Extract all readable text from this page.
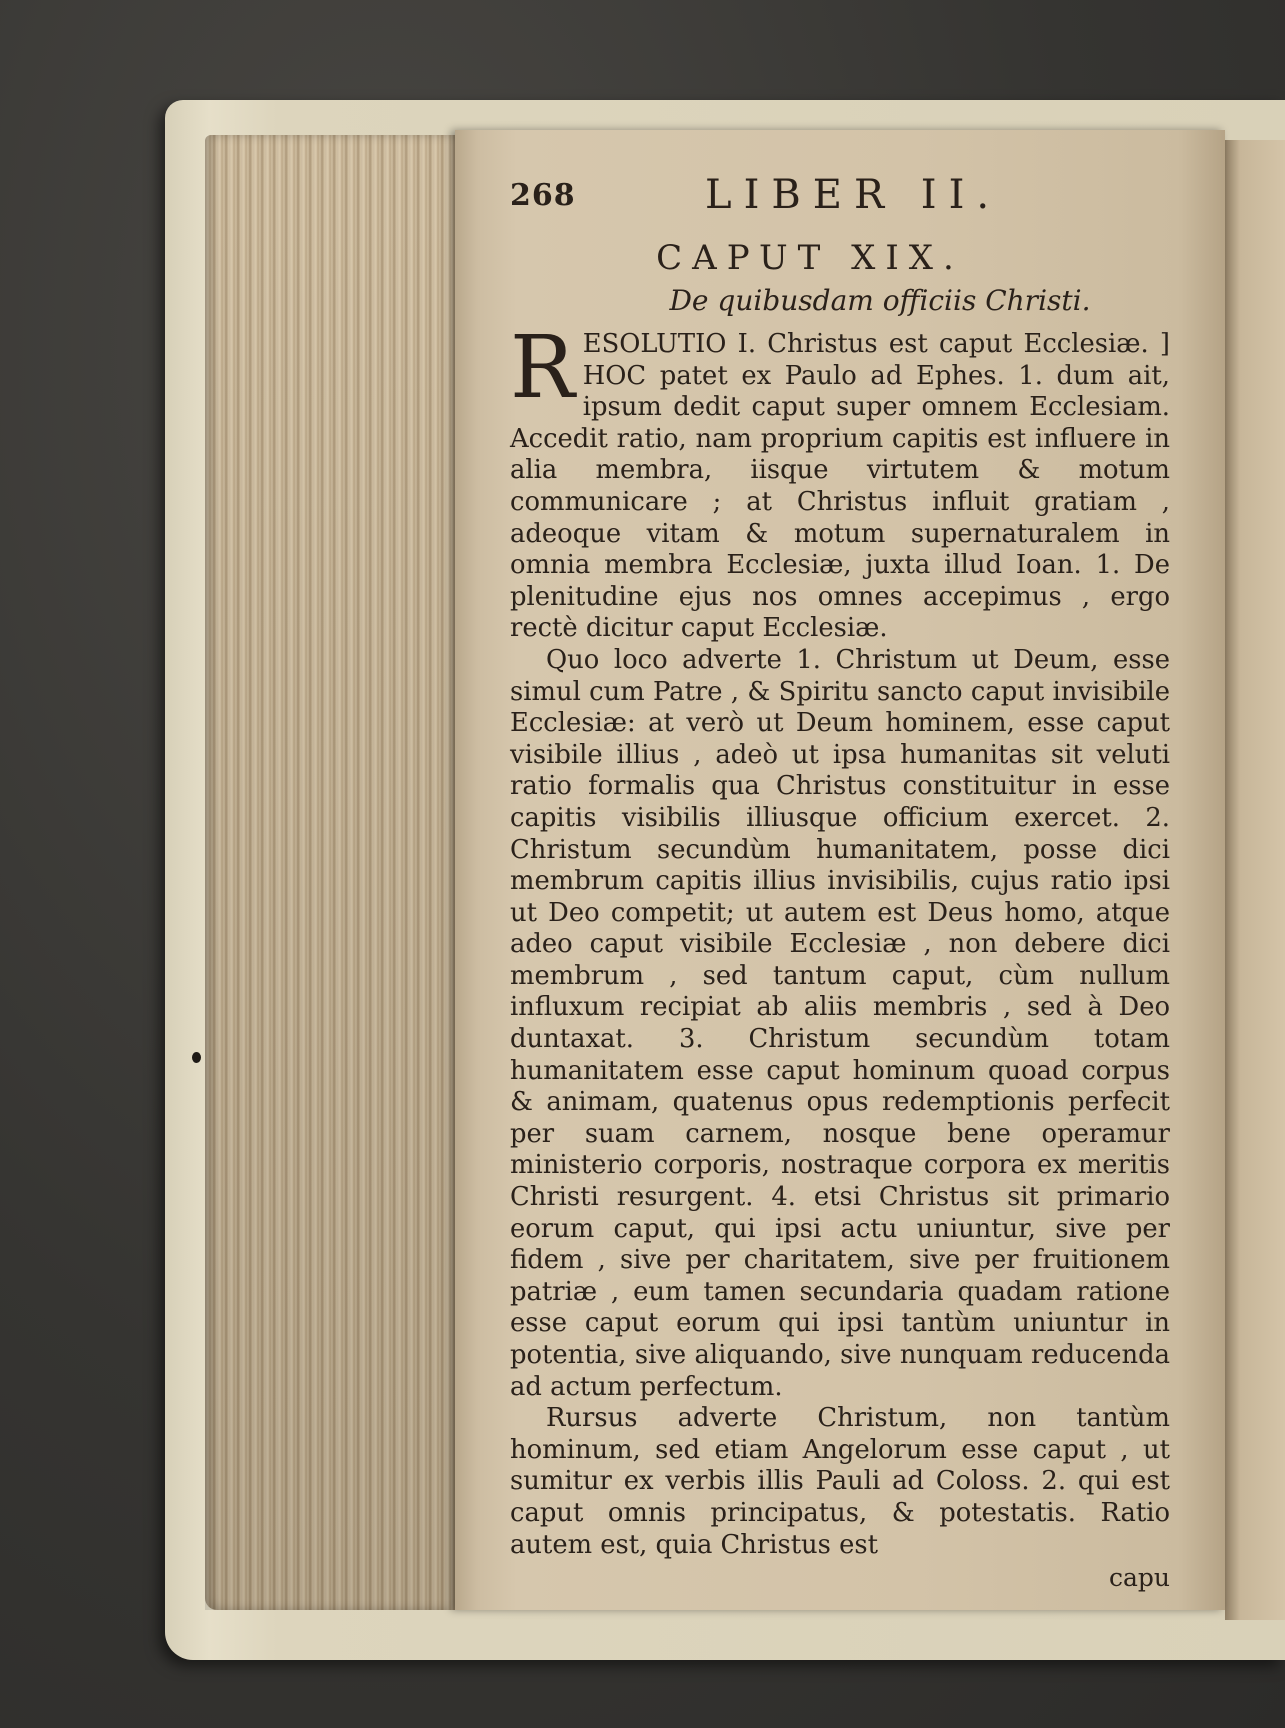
268	LIBER II.
CAPUT XIX.
De quibusdam officiis Christi.

R ESOLUTIO I. Christus est caput Ecclesiæ. ] HOC patet ex Paulo ad Ephes. 1. dum ait, ipsum dedit caput super omnem Ecclesiam. Accedit ratio, nam proprium capitis est influere in alia membra, iisque virtutem & motum communicare ; at Christus influit gratiam , adeoque vitam & motum supernaturalem in omnia membra Ecclesiæ, juxta illud Ioan. 1. De plenitudine ejus nos omnes accepimus , ergo rectè dicitur caput Ecclesiæ.

Quo loco adverte 1. Christum ut Deum, esse simul cum Patre , & Spiritu sancto caput invisibile Ecclesiæ: at verò ut Deum hominem, esse caput visibile illius , adeò ut ipsa humanitas sit veluti ratio formalis qua Christus constituitur in esse capitis visibilis illiusque officium exercet. 2. Christum secundùm humanitatem, posse dici membrum capitis illius invisibilis, cujus ratio ipsi ut Deo competit; ut autem est Deus homo, atque adeo caput visibile Ecclesiæ , non debere dici membrum , sed tantum caput, cùm nullum influxum recipiat ab aliis membris , sed à Deo duntaxat. 3. Christum secundùm totam humanitatem esse caput hominum quoad corpus & animam, quatenus opus redemptionis perfecit per suam carnem, nosque bene operamur ministerio corporis, nostraque corpora ex meritis Christi resurgent. 4. etsi Christus sit primario eorum caput, qui ipsi actu uniuntur, sive per fidem , sive per charitatem, sive per fruitionem patriæ , eum tamen secundaria quadam ratione esse caput eorum qui ipsi tantùm uniuntur in potentia, sive aliquando, sive nunquam reducenda ad actum perfectum.

Rursus adverte Christum, non tantùm hominum, sed etiam Angelorum esse caput , ut sumitur ex verbis illis Pauli ad Coloss. 2. qui est caput omnis principatus, & potestatis. Ratio autem est, quia Christus est

capu
